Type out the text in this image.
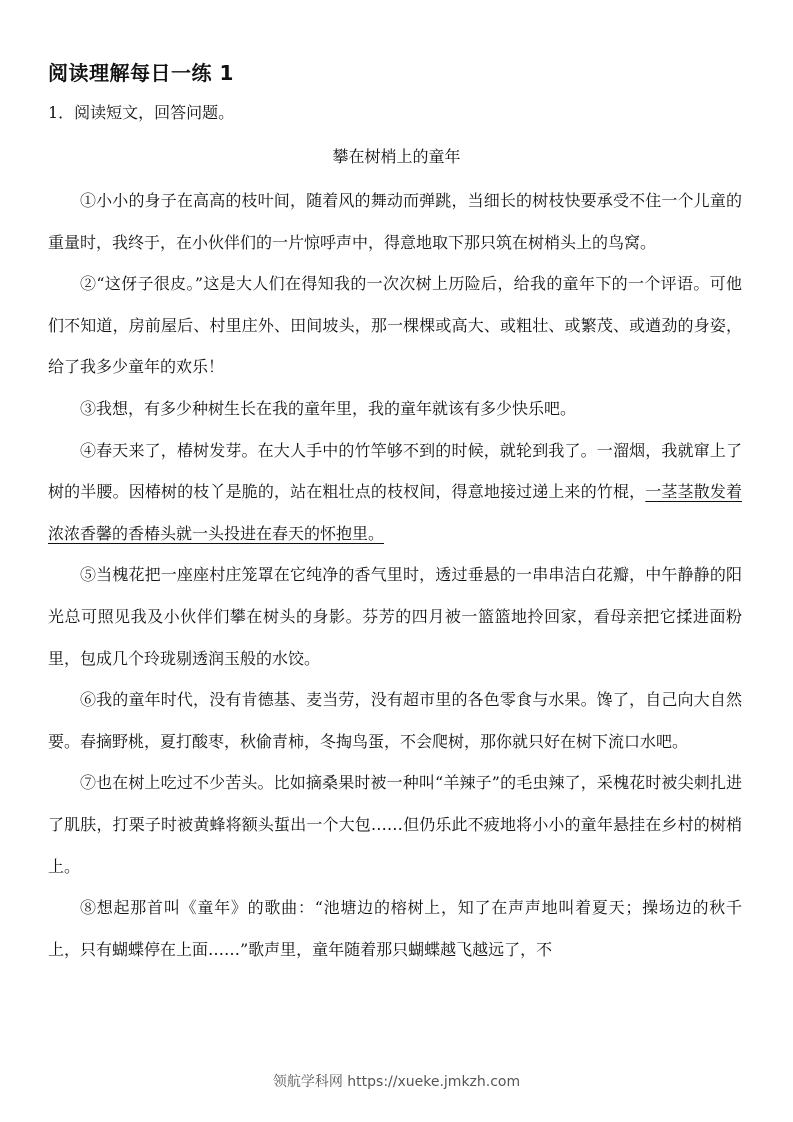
阅读理解每日一练 1
1．阅读短文，回答问题。
攀在树梢上的童年

①小小的身子在高高的枝叶间，随着风的舞动而弹跳，当细长的树枝快要承受不住一个儿童的重量时，我终于，在小伙伴们的一片惊呼声中，得意地取下那只筑在树梢头上的鸟窝。

②“这伢子很皮。”这是大人们在得知我的一次次树上历险后，给我的童年下的一个评语。可他们不知道，房前屋后、村里庄外、田间坡头，那一棵棵或高大、或粗壮、或繁茂、或遒劲的身姿，给了我多少童年的欢乐！

③我想，有多少种树生长在我的童年里，我的童年就该有多少快乐吧。

④春天来了，椿树发芽。在大人手中的竹竿够不到的时候，就轮到我了。一溜烟，我就窜上了树的半腰。因椿树的枝丫是脆的，站在粗壮点的枝杈间，得意地接过递上来的竹棍，一茎茎散发着浓浓香馨的香椿头就一头投进在春天的怀抱里。

⑤当槐花把一座座村庄笼罩在它纯净的香气里时，透过垂悬的一串串洁白花瓣，中午静静的阳光总可照见我及小伙伴们攀在树头的身影。芬芳的四月被一篮篮地拎回家，看母亲把它揉进面粉里，包成几个玲珑剔透润玉般的水饺。

⑥我的童年时代，没有肯德基、麦当劳，没有超市里的各色零食与水果。馋了，自己向大自然要。春摘野桃，夏打酸枣，秋偷青柿，冬掏鸟蛋，不会爬树，那你就只好在树下流口水吧。

⑦也在树上吃过不少苦头。比如摘桑果时被一种叫“羊辣子”的毛虫辣了，采槐花时被尖刺扎进了肌肤，打栗子时被黄蜂将额头蜇出一个大包……但仍乐此不疲地将小小的童年悬挂在乡村的树梢上。

⑧想起那首叫《童年》的歌曲：“池塘边的榕树上，知了在声声地叫着夏天；操场边的秋千上，只有蝴蝶停在上面……”歌声里，童年随着那只蝴蝶越飞越远了，不

领航学科网 https://xueke.jmkzh.com
